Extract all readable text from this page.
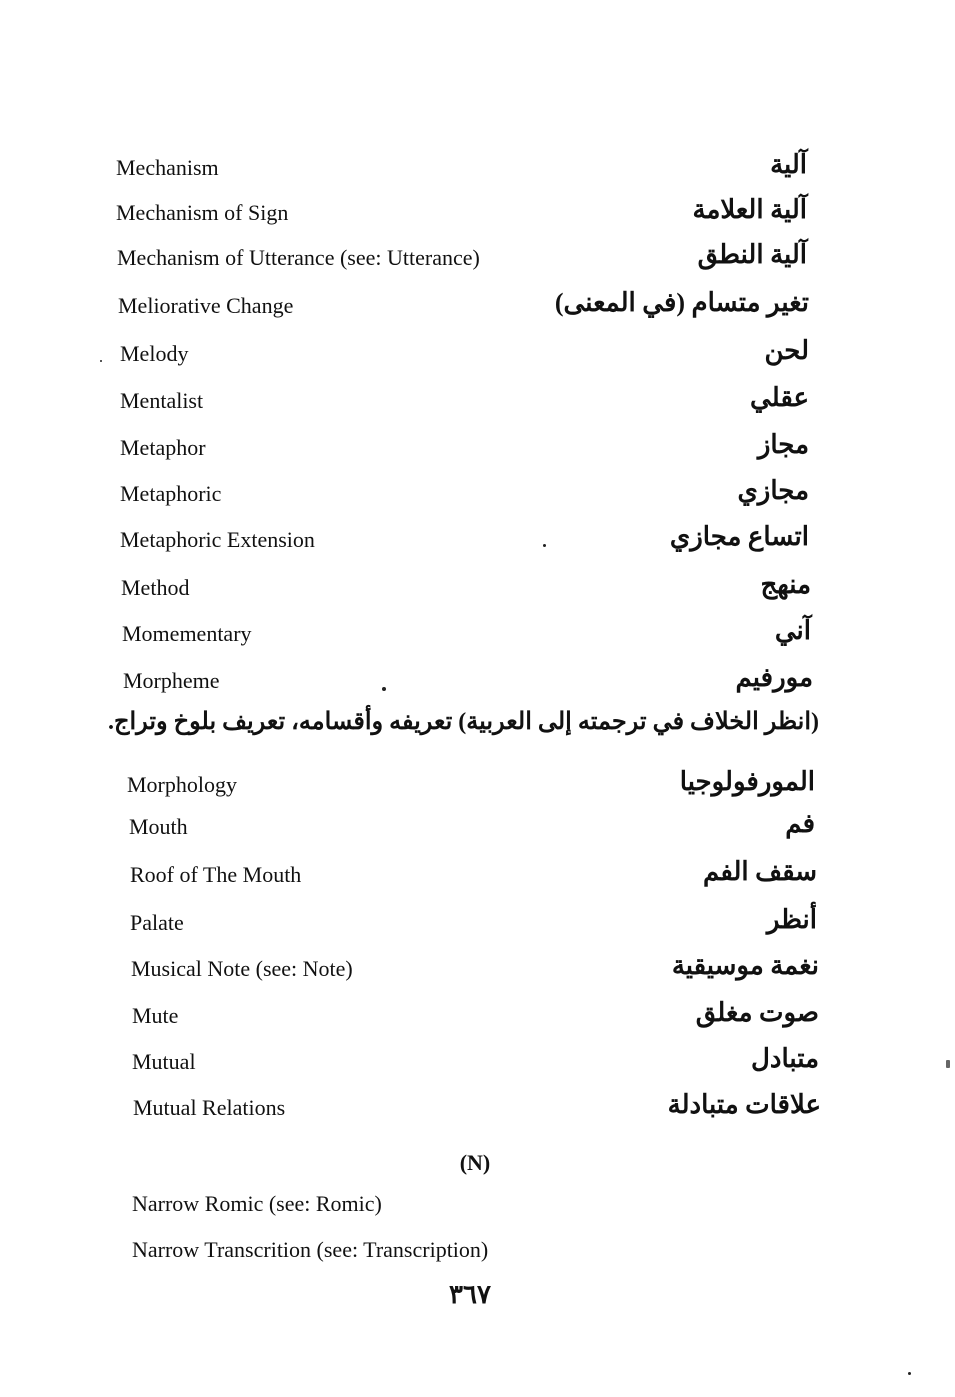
Mechanism	آلية
Mechanism of Sign	آلية العلامة
Mechanism of Utterance (see: Utterance)	آلية النطق
Meliorative Change	تغير متسام (في المعنى)
Melody	لحن
Mentalist	عقلي
Metaphor	مجاز
Metaphoric	مجازي
Metaphoric Extension	اتساع مجازي
Method	منهج
Momementary	آني
Morpheme	مورفيم
(انظر الخلاف في ترجمته إلى العربية) تعريفه وأقسامه، تعريف بلوخ وتراج.
Morphology	المورفولوجيا
Mouth	فم
Roof of The Mouth	سقف الفم
Palate	أنظر
Musical Note (see: Note)	نغمة موسيقية
Mute	صوت مغلق
Mutual	متبادل
Mutual Relations	علاقات متبادلة
(N)
Narrow Romic (see: Romic)
Narrow Transcrition (see: Transcription)
٣٦٧
